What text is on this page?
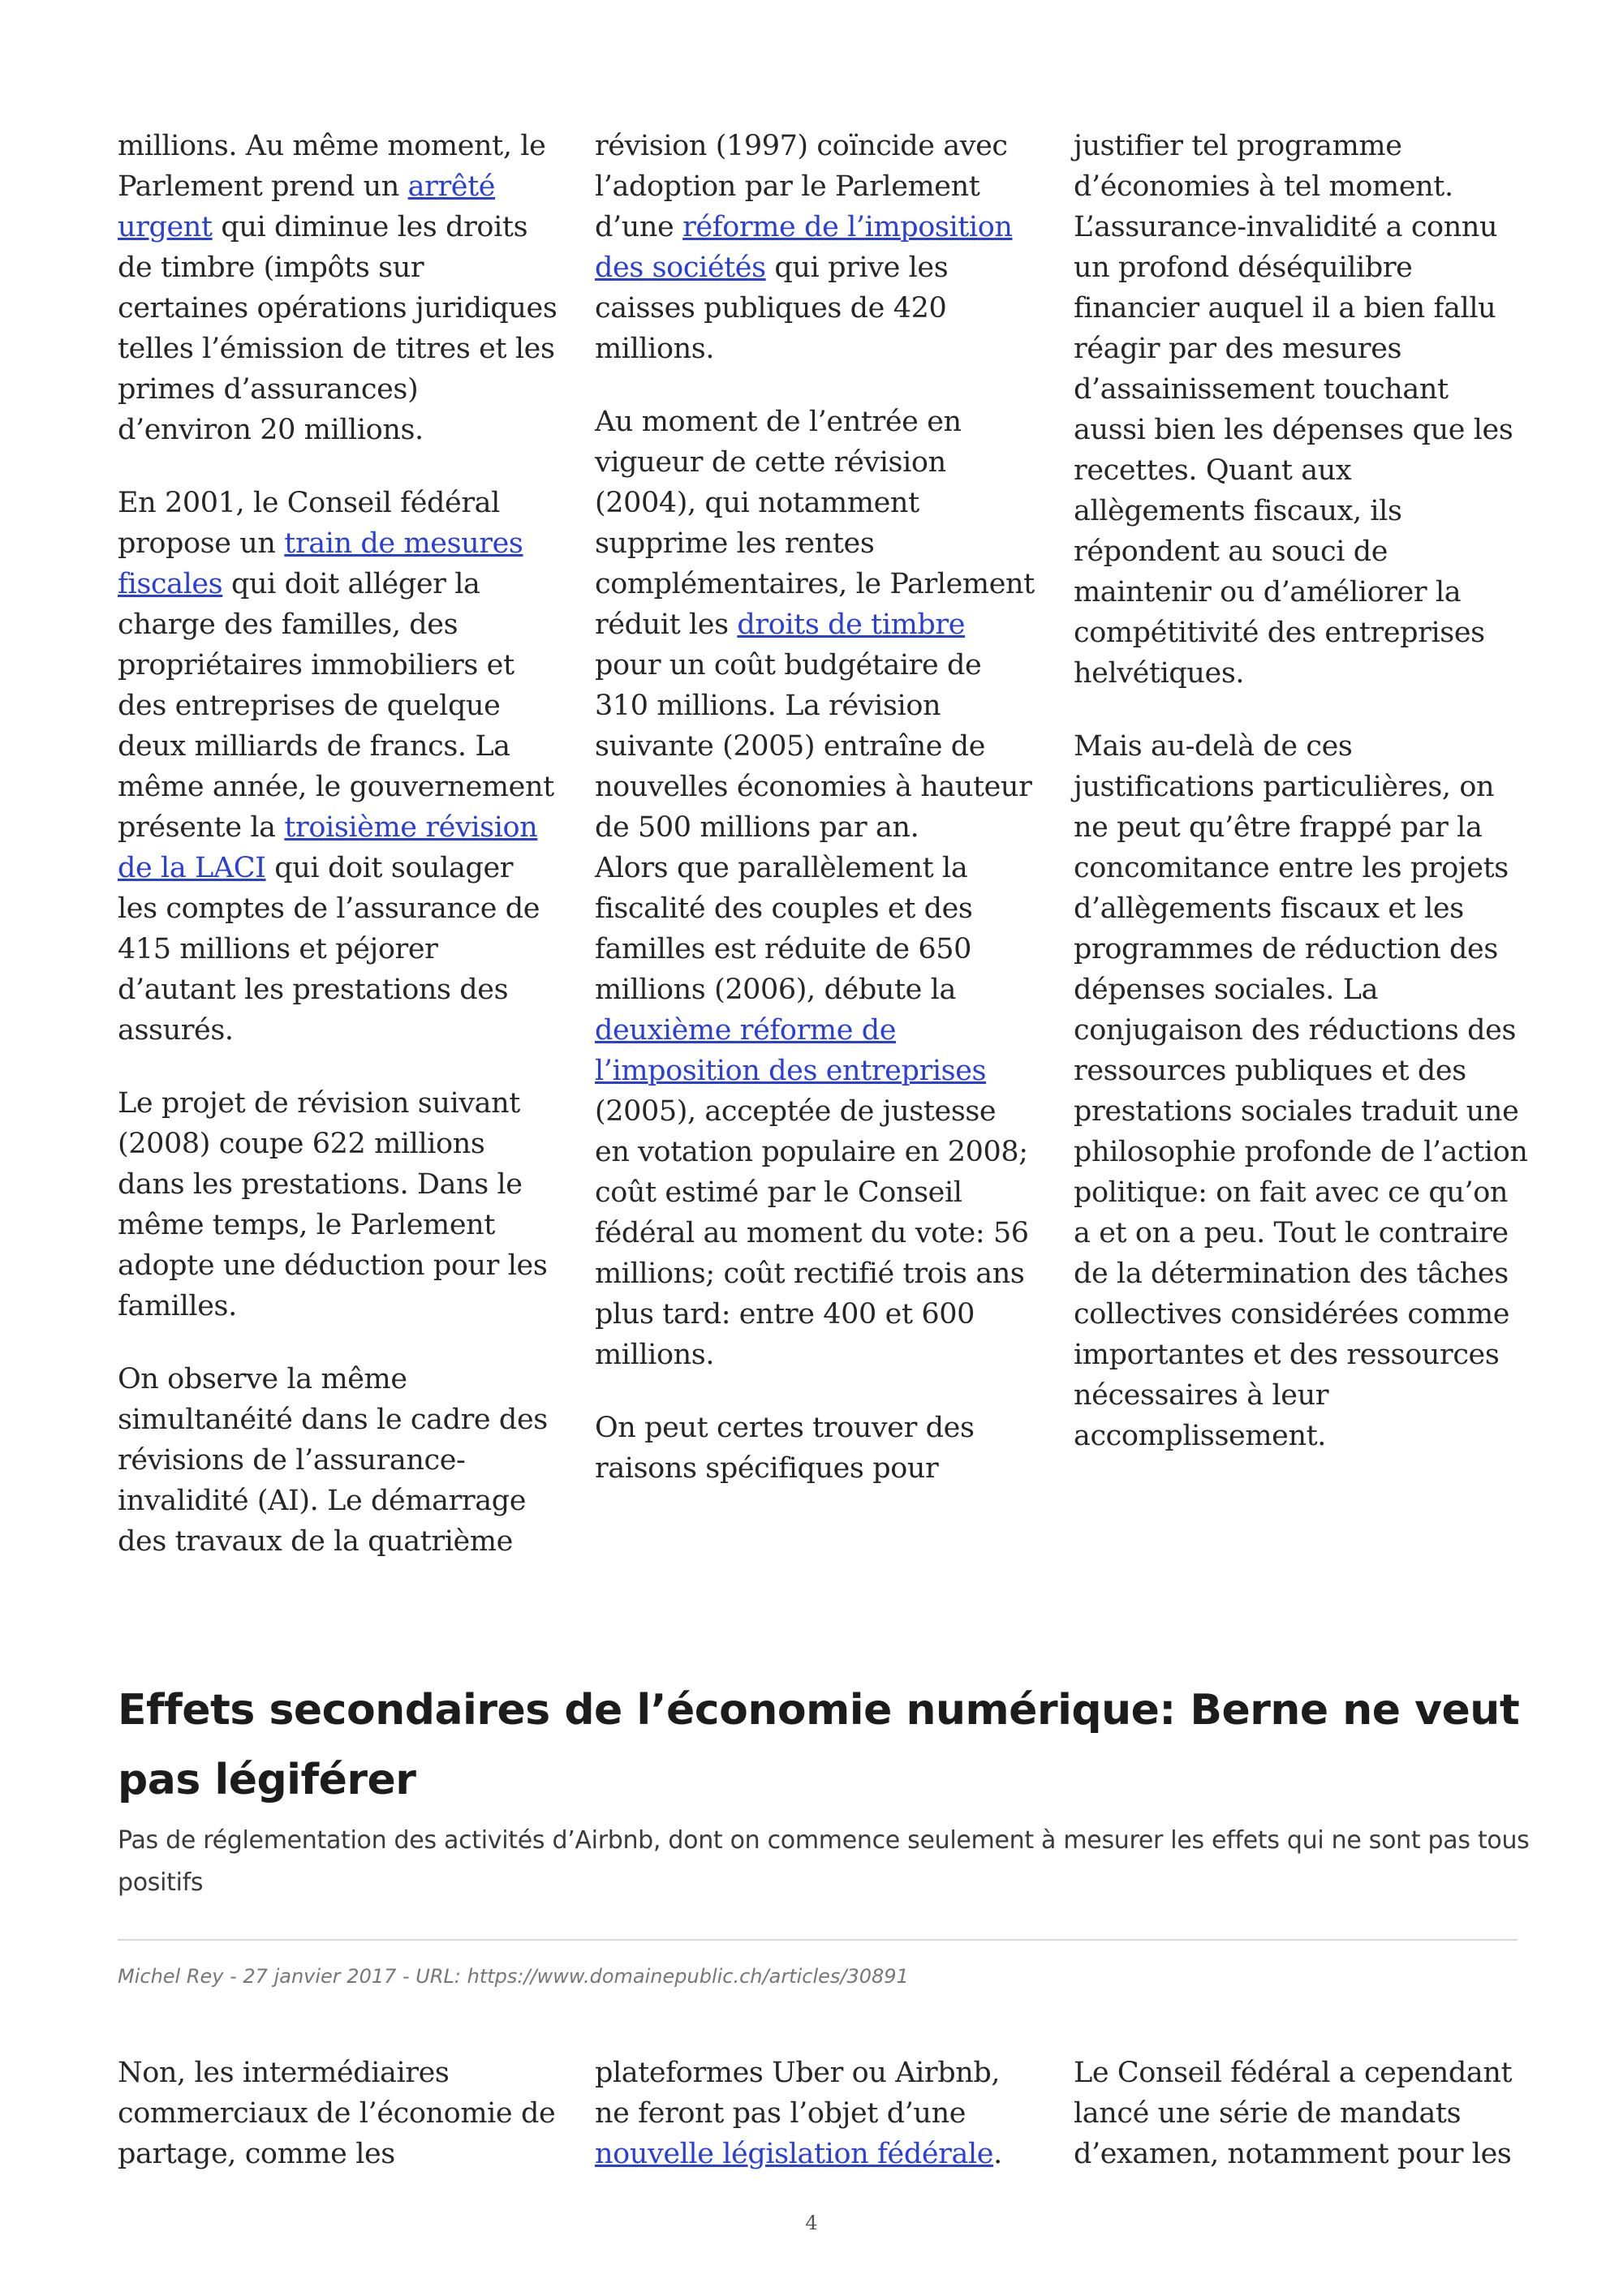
millions. Au même moment, le Parlement prend un arrêté urgent qui diminue les droits de timbre (impôts sur certaines opérations juridiques telles l’émission de titres et les primes d’assurances) d’environ 20 millions.

En 2001, le Conseil fédéral propose un train de mesures fiscales qui doit alléger la charge des familles, des propriétaires immobiliers et des entreprises de quelque deux milliards de francs. La même année, le gouvernement présente la troisième révision de la LACI qui doit soulager les comptes de l’assurance de 415 millions et péjorer d’autant les prestations des assurés.

Le projet de révision suivant (2008) coupe 622 millions dans les prestations. Dans le même temps, le Parlement adopte une déduction pour les familles.

On observe la même simultanéité dans le cadre des révisions de l’assurance-invalidité (AI). Le démarrage des travaux de la quatrième

révision (1997) coïncide avec l’adoption par le Parlement d’une réforme de l’imposition des sociétés qui prive les caisses publiques de 420 millions.

Au moment de l’entrée en vigueur de cette révision (2004), qui notamment supprime les rentes complémentaires, le Parlement réduit les droits de timbre pour un coût budgétaire de 310 millions. La révision suivante (2005) entraîne de nouvelles économies à hauteur de 500 millions par an.

Alors que parallèlement la fiscalité des couples et des familles est réduite de 650 millions (2006), débute la deuxième réforme de l’imposition des entreprises (2005), acceptée de justesse en votation populaire en 2008; coût estimé par le Conseil fédéral au moment du vote: 56 millions; coût rectifié trois ans plus tard: entre 400 et 600 millions.

On peut certes trouver des raisons spécifiques pour

justifier tel programme d’économies à tel moment. L’assurance-invalidité a connu un profond déséquilibre financier auquel il a bien fallu réagir par des mesures d’assainissement touchant aussi bien les dépenses que les recettes. Quant aux allègements fiscaux, ils répondent au souci de maintenir ou d’améliorer la compétitivité des entreprises helvétiques.

Mais au-delà de ces justifications particulières, on ne peut qu’être frappé par la concomitance entre les projets d’allègements fiscaux et les programmes de réduction des dépenses sociales. La conjugaison des réductions des ressources publiques et des prestations sociales traduit une philosophie profonde de l’action politique: on fait avec ce qu’on a et on a peu. Tout le contraire de la détermination des tâches collectives considérées comme importantes et des ressources nécessaires à leur accomplissement.

Effets secondaires de l’économie numérique: Berne ne veut pas légiférer

Pas de réglementation des activités d’Airbnb, dont on commence seulement à mesurer les effets qui ne sont pas tous positifs

Michel Rey - 27 janvier 2017 - URL: https://www.domainepublic.ch/articles/30891

Non, les intermédiaires commerciaux de l’économie de partage, comme les

plateformes Uber ou Airbnb, ne feront pas l’objet d’une nouvelle législation fédérale.

Le Conseil fédéral a cependant lancé une série de mandats d’examen, notamment pour les

4
